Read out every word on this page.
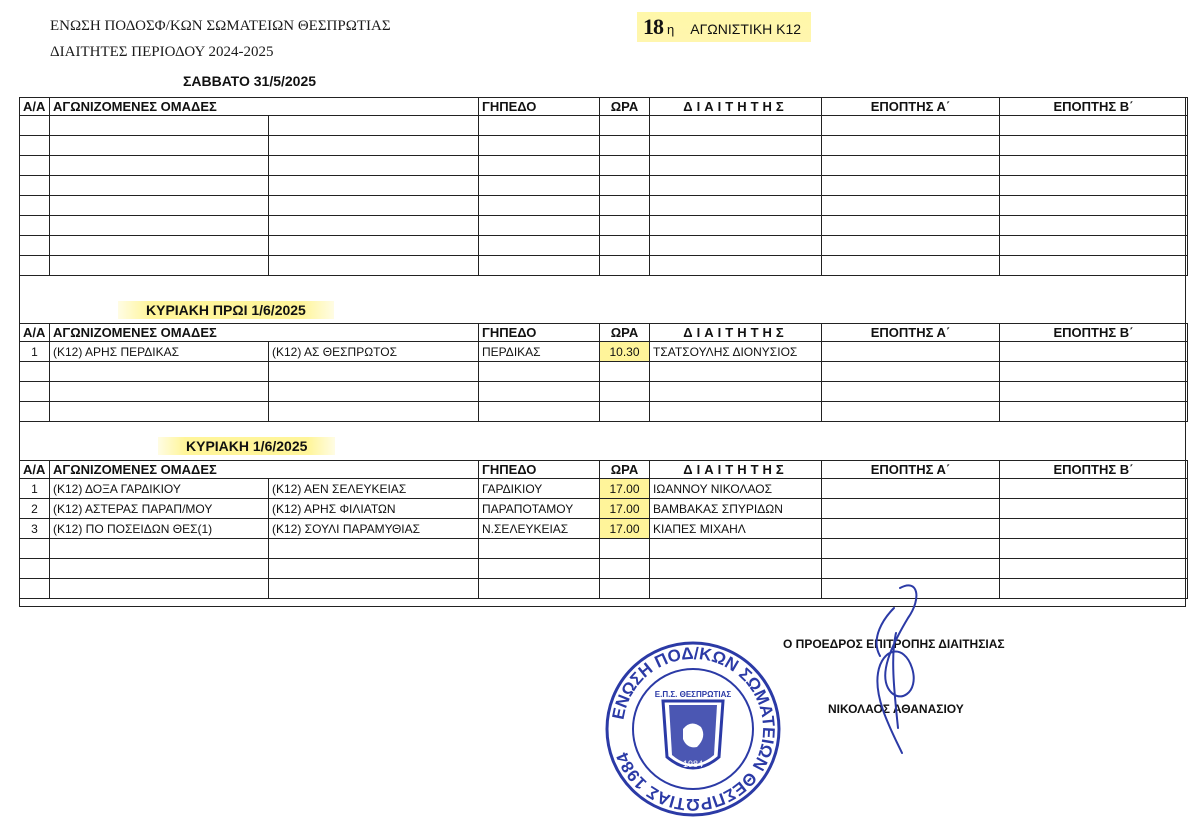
ΕΝΩΣΗ ΠΟΔΟΣΦ/ΚΩΝ ΣΩΜΑΤΕΙΩΝ ΘΕΣΠΡΩΤΙΑΣ
ΔΙΑΙΤΗΤΕΣ ΠΕΡΙΟΔΟΥ 2024-2025
18 η ΑΓΩΝΙΣΤΙΚΗ Κ12
ΣΑΒΒΑΤΟ 31/5/2025
Α/Α	ΑΓΩΝΙΖΟΜΕΝΕΣ ΟΜΑΔΕΣ		ΓΗΠΕΔΟ	ΩΡΑ	ΔΙΑΙΤΗΤΗΣ	ΕΠΟΠΤΗΣ Α΄	ΕΠΟΠΤΗΣ Β΄

ΚΥΡΙΑΚΗ ΠΡΩΙ 1/6/2025
Α/Α	ΑΓΩΝΙΖΟΜΕΝΕΣ ΟΜΑΔΕΣ		ΓΗΠΕΔΟ	ΩΡΑ	ΔΙΑΙΤΗΤΗΣ	ΕΠΟΠΤΗΣ Α΄	ΕΠΟΠΤΗΣ Β΄
1	(Κ12) ΑΡΗΣ ΠΕΡΔΙΚΑΣ	(Κ12) ΑΣ ΘΕΣΠΡΩΤΟΣ	ΠΕΡΔΙΚΑΣ	10.30	ΤΣΑΤΣΟΥΛΗΣ ΔΙΟΝΥΣΙΟΣ		

ΚΥΡΙΑΚΗ 1/6/2025
Α/Α	ΑΓΩΝΙΖΟΜΕΝΕΣ ΟΜΑΔΕΣ		ΓΗΠΕΔΟ	ΩΡΑ	ΔΙΑΙΤΗΤΗΣ	ΕΠΟΠΤΗΣ Α΄	ΕΠΟΠΤΗΣ Β΄
1	(Κ12) ΔΟΞΑ ΓΑΡΔΙΚΙΟΥ	(Κ12) ΑΕΝ ΣΕΛΕΥΚΕΙΑΣ	ΓΑΡΔΙΚΙΟΥ	17.00	ΙΩΑΝΝΟΥ ΝΙΚΟΛΑΟΣ		
2	(Κ12) ΑΣΤΕΡΑΣ ΠΑΡΑΠ/ΜΟΥ	(Κ12) ΑΡΗΣ ΦΙΛΙΑΤΩΝ	ΠΑΡΑΠΟΤΑΜΟΥ	17.00	ΒΑΜΒΑΚΑΣ ΣΠΥΡΙΔΩΝ		
3	(Κ12) ΠΟ ΠΟΣΕΙΔΩΝ ΘΕΣ(1)	(Κ12) ΣΟΥΛΙ ΠΑΡΑΜΥΘΙΑΣ	Ν.ΣΕΛΕΥΚΕΙΑΣ	17.00	ΚΙΑΠΕΣ ΜΙΧΑΗΛ		

Ο ΠΡΟΕΔΡΟΣ ΕΠΙΤΡΟΠΗΣ ΔΙΑΙΤΗΣΙΑΣ
ΝΙΚΟΛΑΟΣ ΑΘΑΝΑΣΙΟΥ
ΕΝΩΣΗ ΠΟΔ/ΚΩΝ ΣΩΜΑΤΕΙΩΝ ΘΕΣΠΡΩΤΙΑΣ 1984
Ε.Π.Σ. ΘΕΣΠΡΩΤΙΑΣ
1984
